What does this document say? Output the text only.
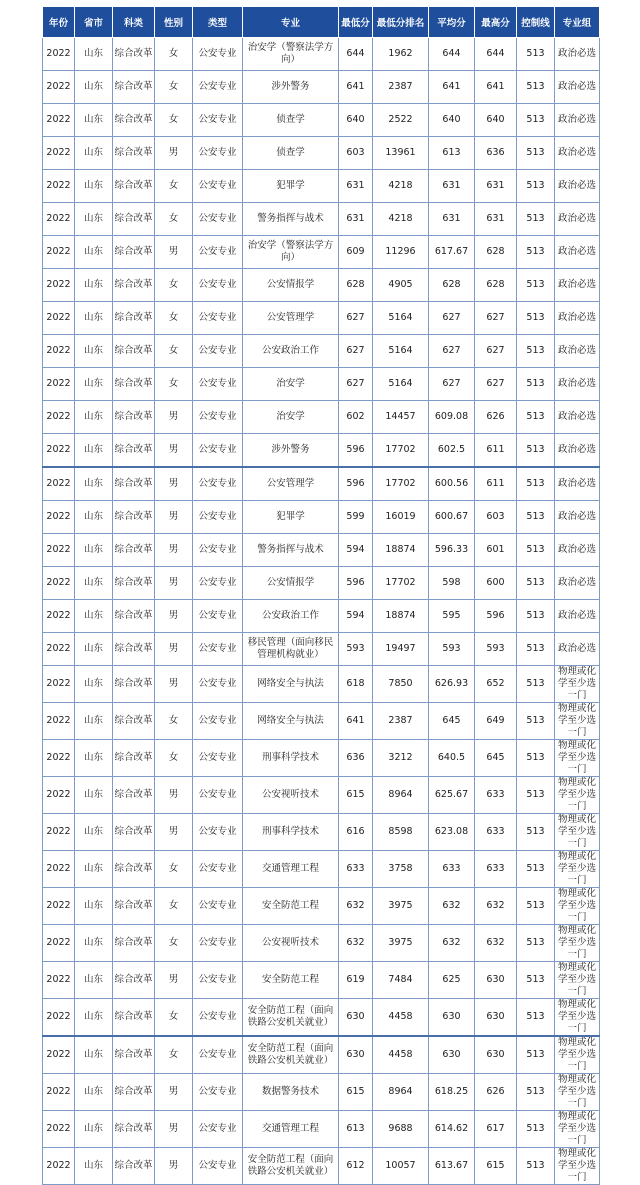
年份	省市	科类	性别	类型	专业	最低分	最低分排名	平均分	最高分	控制线	专业组
2022	山东	综合改革	女	公安专业	治安学（警察法学方向）	644	1962	644	644	513	政治必选
2022	山东	综合改革	女	公安专业	涉外警务	641	2387	641	641	513	政治必选
2022	山东	综合改革	女	公安专业	侦查学	640	2522	640	640	513	政治必选
2022	山东	综合改革	男	公安专业	侦查学	603	13961	613	636	513	政治必选
2022	山东	综合改革	女	公安专业	犯罪学	631	4218	631	631	513	政治必选
2022	山东	综合改革	女	公安专业	警务指挥与战术	631	4218	631	631	513	政治必选
2022	山东	综合改革	男	公安专业	治安学（警察法学方向）	609	11296	617.67	628	513	政治必选
2022	山东	综合改革	女	公安专业	公安情报学	628	4905	628	628	513	政治必选
2022	山东	综合改革	女	公安专业	公安管理学	627	5164	627	627	513	政治必选
2022	山东	综合改革	女	公安专业	公安政治工作	627	5164	627	627	513	政治必选
2022	山东	综合改革	女	公安专业	治安学	627	5164	627	627	513	政治必选
2022	山东	综合改革	男	公安专业	治安学	602	14457	609.08	626	513	政治必选
2022	山东	综合改革	男	公安专业	涉外警务	596	17702	602.5	611	513	政治必选
2022	山东	综合改革	男	公安专业	公安管理学	596	17702	600.56	611	513	政治必选
2022	山东	综合改革	男	公安专业	犯罪学	599	16019	600.67	603	513	政治必选
2022	山东	综合改革	男	公安专业	警务指挥与战术	594	18874	596.33	601	513	政治必选
2022	山东	综合改革	男	公安专业	公安情报学	596	17702	598	600	513	政治必选
2022	山东	综合改革	男	公安专业	公安政治工作	594	18874	595	596	513	政治必选
2022	山东	综合改革	男	公安专业	移民管理（面向移民管理机构就业）	593	19497	593	593	513	政治必选
2022	山东	综合改革	男	公安专业	网络安全与执法	618	7850	626.93	652	513	物理或化学至少选一门
2022	山东	综合改革	女	公安专业	网络安全与执法	641	2387	645	649	513	物理或化学至少选一门
2022	山东	综合改革	女	公安专业	刑事科学技术	636	3212	640.5	645	513	物理或化学至少选一门
2022	山东	综合改革	男	公安专业	公安视听技术	615	8964	625.67	633	513	物理或化学至少选一门
2022	山东	综合改革	男	公安专业	刑事科学技术	616	8598	623.08	633	513	物理或化学至少选一门
2022	山东	综合改革	女	公安专业	交通管理工程	633	3758	633	633	513	物理或化学至少选一门
2022	山东	综合改革	女	公安专业	安全防范工程	632	3975	632	632	513	物理或化学至少选一门
2022	山东	综合改革	女	公安专业	公安视听技术	632	3975	632	632	513	物理或化学至少选一门
2022	山东	综合改革	男	公安专业	安全防范工程	619	7484	625	630	513	物理或化学至少选一门
2022	山东	综合改革	女	公安专业	安全防范工程（面向铁路公安机关就业）	630	4458	630	630	513	物理或化学至少选一门
2022	山东	综合改革	女	公安专业	安全防范工程（面向铁路公安机关就业）	630	4458	630	630	513	物理或化学至少选一门
2022	山东	综合改革	男	公安专业	数据警务技术	615	8964	618.25	626	513	物理或化学至少选一门
2022	山东	综合改革	男	公安专业	交通管理工程	613	9688	614.62	617	513	物理或化学至少选一门
2022	山东	综合改革	男	公安专业	安全防范工程（面向铁路公安机关就业）	612	10057	613.67	615	513	物理或化学至少选一门
